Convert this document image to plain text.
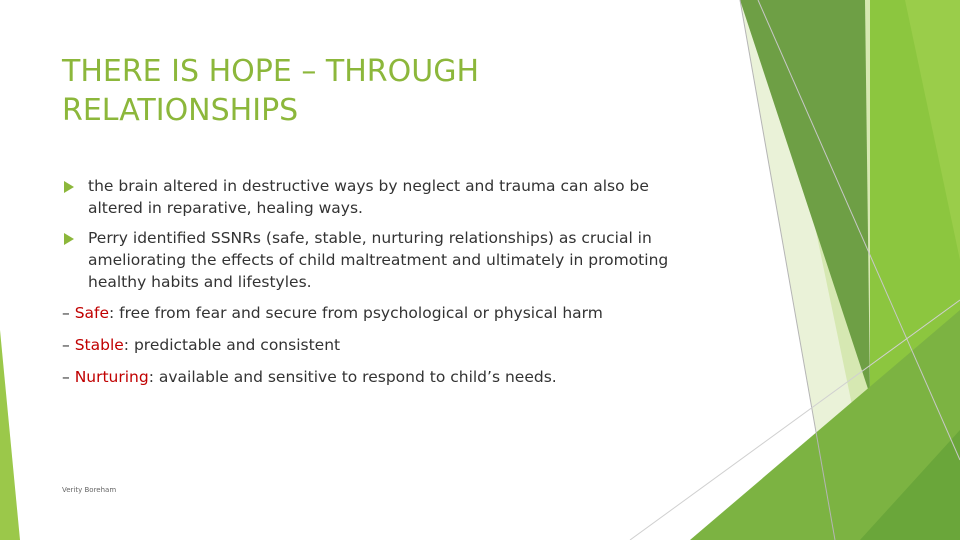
THERE IS HOPE – THROUGH
RELATIONSHIPS
the brain altered in destructive ways by neglect and trauma can also be
altered in reparative, healing ways.
Perry identified SSNRs (safe, stable, nurturing relationships) as crucial in
ameliorating the effects of child maltreatment and ultimately in promoting
healthy habits and lifestyles.
– Safe: free from fear and secure from psychological or physical harm
– Stable: predictable and consistent
– Nurturing: available and sensitive to respond to child’s needs.
Verity Boreham
